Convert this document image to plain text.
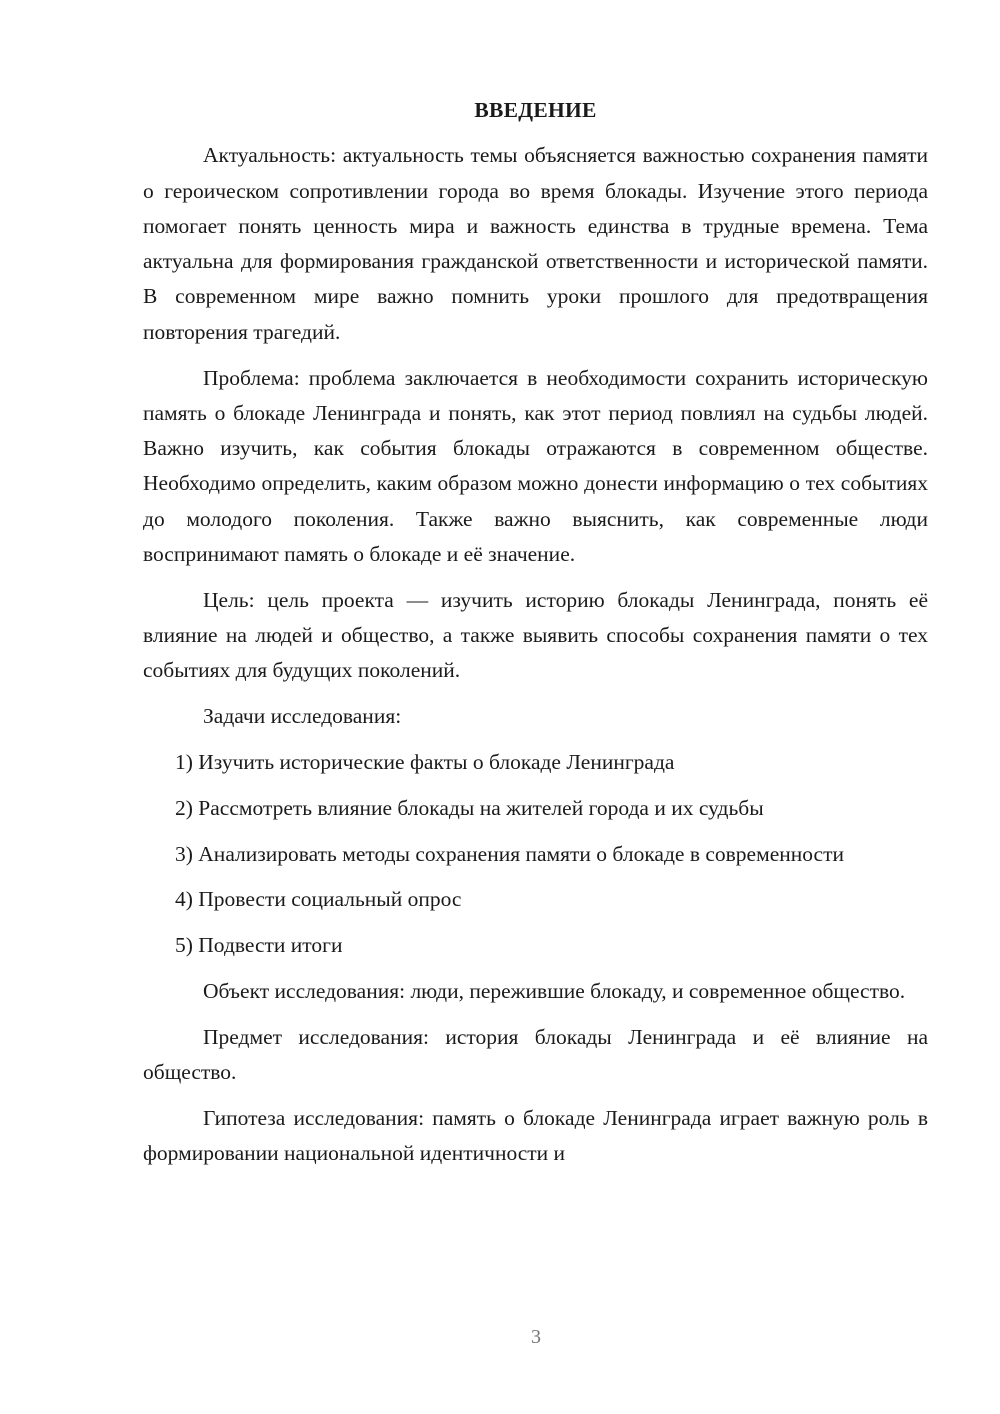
ВВЕДЕНИЕ

Актуальность: актуальность темы объясняется важностью сохранения памяти о героическом сопротивлении города во время блокады. Изучение этого периода помогает понять ценность мира и важность единства в трудные времена. Тема актуальна для формирования гражданской ответственности и исторической памяти. В современном мире важно помнить уроки прошлого для предотвращения повторения трагедий.

Проблема: проблема заключается в необходимости сохранить историческую память о блокаде Ленинграда и понять, как этот период повлиял на судьбы людей. Важно изучить, как события блокады отражаются в современном обществе. Необходимо определить, каким образом можно донести информацию о тех событиях до молодого поколения. Также важно выяснить, как современные люди воспринимают память о блокаде и её значение.

Цель: цель проекта — изучить историю блокады Ленинграда, понять её влияние на людей и общество, а также выявить способы сохранения памяти о тех событиях для будущих поколений.

Задачи исследования:

1) Изучить исторические факты о блокаде Ленинграда

2) Рассмотреть влияние блокады на жителей города и их судьбы

3) Анализировать методы сохранения памяти о блокаде в современности

4) Провести социальный опрос

5) Подвести итоги

Объект исследования: люди, пережившие блокаду, и современное общество.

Предмет исследования: история блокады Ленинграда и её влияние на общество.

Гипотеза исследования: память о блокаде Ленинграда играет важную роль в формировании национальной идентичности и

3
